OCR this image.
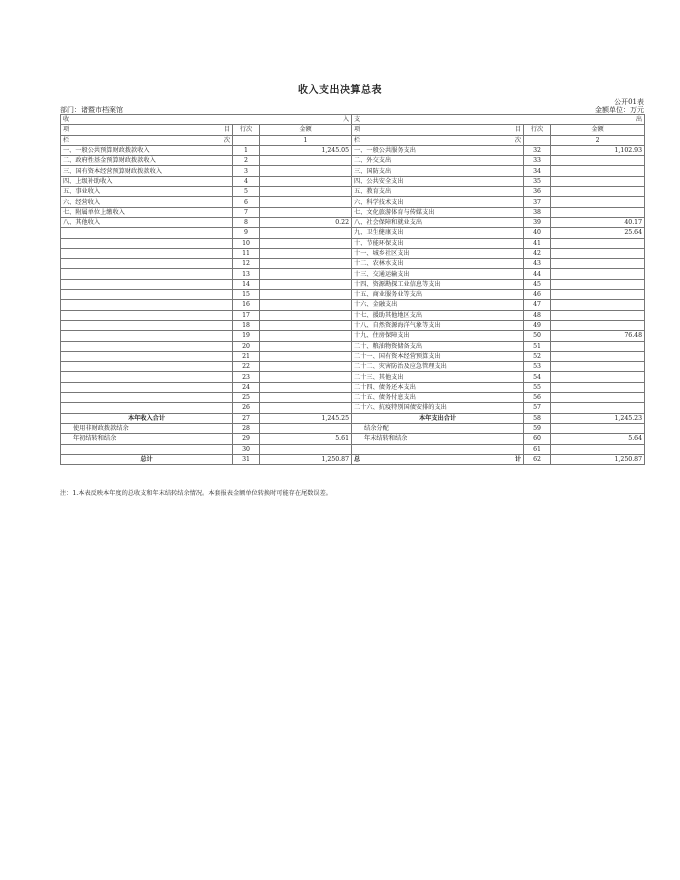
收入支出决算总表
公开01表
部门：诸暨市档案馆	金额单位：万元
收 入			支 出		

项 目	行次	金额	项 目	行次	金额

栏 次		1	栏 次		2
一、一般公共预算财政拨款收入	1	1,245.05	一、一般公共服务支出	32	1,102.93
二、政府性基金预算财政拨款收入	2		二、外交支出	33	
三、国有资本经营预算财政拨款收入	3		三、国防支出	34	
四、上级补助收入	4		四、公共安全支出	35	
五、事业收入	5		五、教育支出	36	
六、经营收入	6		六、科学技术支出	37	
七、附属单位上缴收入	7		七、文化旅游体育与传媒支出	38	
八、其他收入	8	0.22	八、社会保障和就业支出	39	40.17
	9		九、卫生健康支出	40	25.64
	10		十、节能环保支出	41	
	11		十一、城乡社区支出	42	
	12		十二、农林水支出	43	
	13		十三、交通运输支出	44	
	14		十四、资源勘探工业信息等支出	45	
	15		十五、商业服务业等支出	46	
	16		十六、金融支出	47	
	17		十七、援助其他地区支出	48	
	18		十八、自然资源海洋气象等支出	49	
	19		十九、住房保障支出	50	76.48
	20		二十、粮油物资储备支出	51	
	21		二十一、国有资本经营预算支出	52	
	22		二十二、灾害防治及应急管理支出	53	
	23		二十三、其他支出	54	
	24		二十四、债务还本支出	55	
	25		二十五、债务付息支出	56	
	26		二十六、抗疫特别国债安排的支出	57	
本年收入合计	27	1,245.25	本年支出合计	58	1,245.23
使用非财政拨款结余	28		结余分配	59	
年初结转和结余	29	5.61	年末结转和结余	60	5.64
	30			61	
总计	31	1,250.87	总 计	62	1,250.87
注：1.本表反映本年度的总收支和年末结转结余情况。本套报表金额单位转换时可能存在尾数误差。
